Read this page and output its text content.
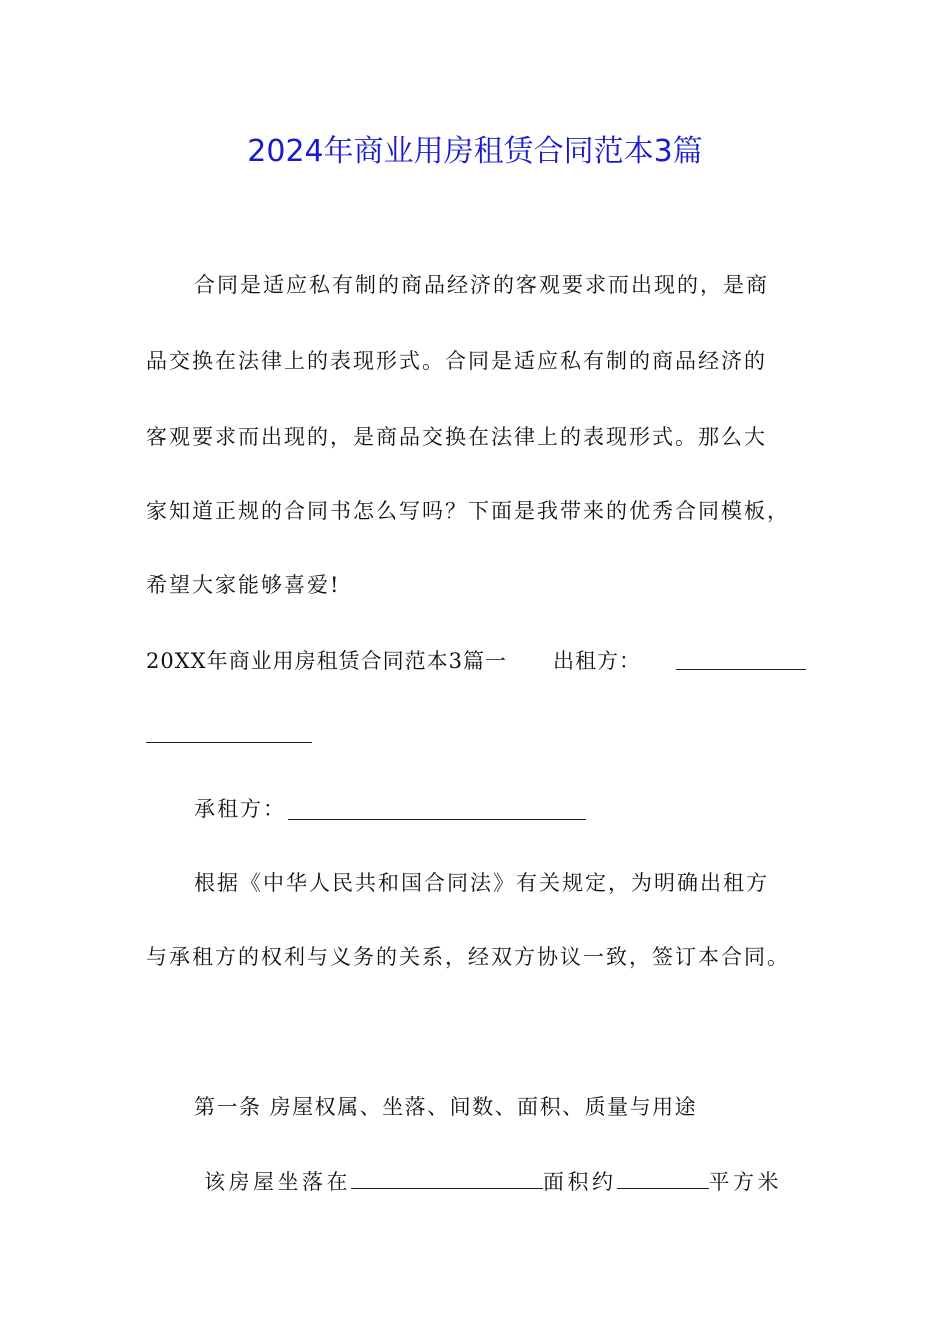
2024年商业用房租赁合同范本3篇
合同是适应私有制的商品经济的客观要求而出现的，是商
品交换在法律上的表现形式。合同是适应私有制的商品经济的
客观要求而出现的，是商品交换在法律上的表现形式。那么大
家知道正规的合同书怎么写吗？下面是我带来的优秀合同模板，
希望大家能够喜爱!
20XX年商业用房租赁合同范本3篇一 出租方：
承租方：
根据《中华人民共和国合同法》有关规定，为明确出租方
与承租方的权利与义务的关系，经双方协议一致，签订本合同。
第一条 房屋权属、坐落、间数、面积、质量与用途
该房屋坐落在	面积约	平方米
